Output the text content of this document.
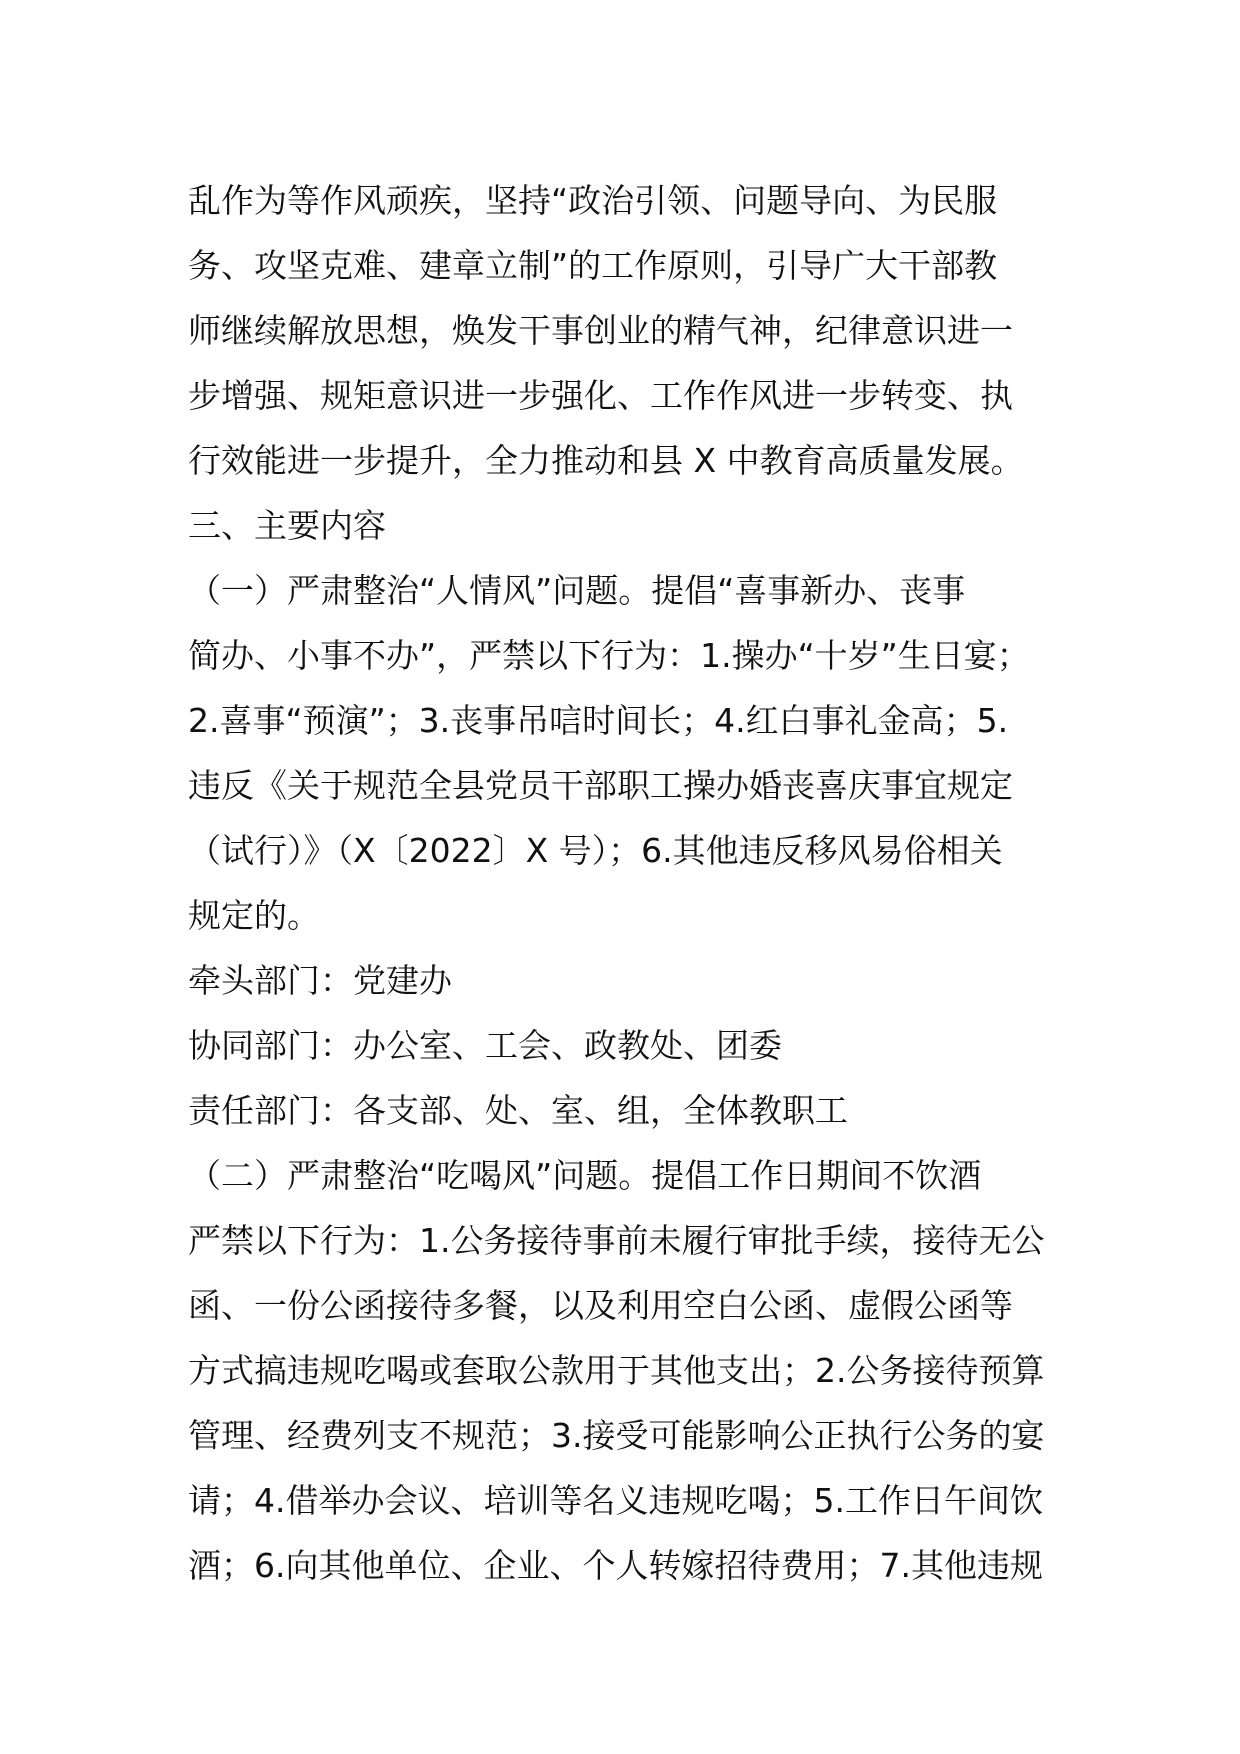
乱作为等作风顽疾，坚持“政治引领、问题导向、为民服
务、攻坚克难、建章立制”的工作原则，引导广大干部教
师继续解放思想，焕发干事创业的精气神，纪律意识进一
步增强、规矩意识进一步强化、工作作风进一步转变、执
行效能进一步提升，全力推动和县 X 中教育高质量发展。
三、主要内容
（一）严肃整治“人情风”问题。提倡“喜事新办、丧事
简办、小事不办”，严禁以下行为：1.操办“十岁”生日宴；
2.喜事“预演”；3.丧事吊唁时间长；4.红白事礼金高；5.
违反《关于规范全县党员干部职工操办婚丧喜庆事宜规定
（试行）》（X〔2022〕X 号）；6.其他违反移风易俗相关
规定的。
牵头部门：党建办
协同部门：办公室、工会、政教处、团委
责任部门：各支部、处、室、组，全体教职工
（二）严肃整治“吃喝风”问题。提倡工作日期间不饮酒
严禁以下行为：1.公务接待事前未履行审批手续，接待无公
函、一份公函接待多餐，以及利用空白公函、虚假公函等
方式搞违规吃喝或套取公款用于其他支出；2.公务接待预算
管理、经费列支不规范；3.接受可能影响公正执行公务的宴
请；4.借举办会议、培训等名义违规吃喝；5.工作日午间饮
酒；6.向其他单位、企业、个人转嫁招待费用；7.其他违规
